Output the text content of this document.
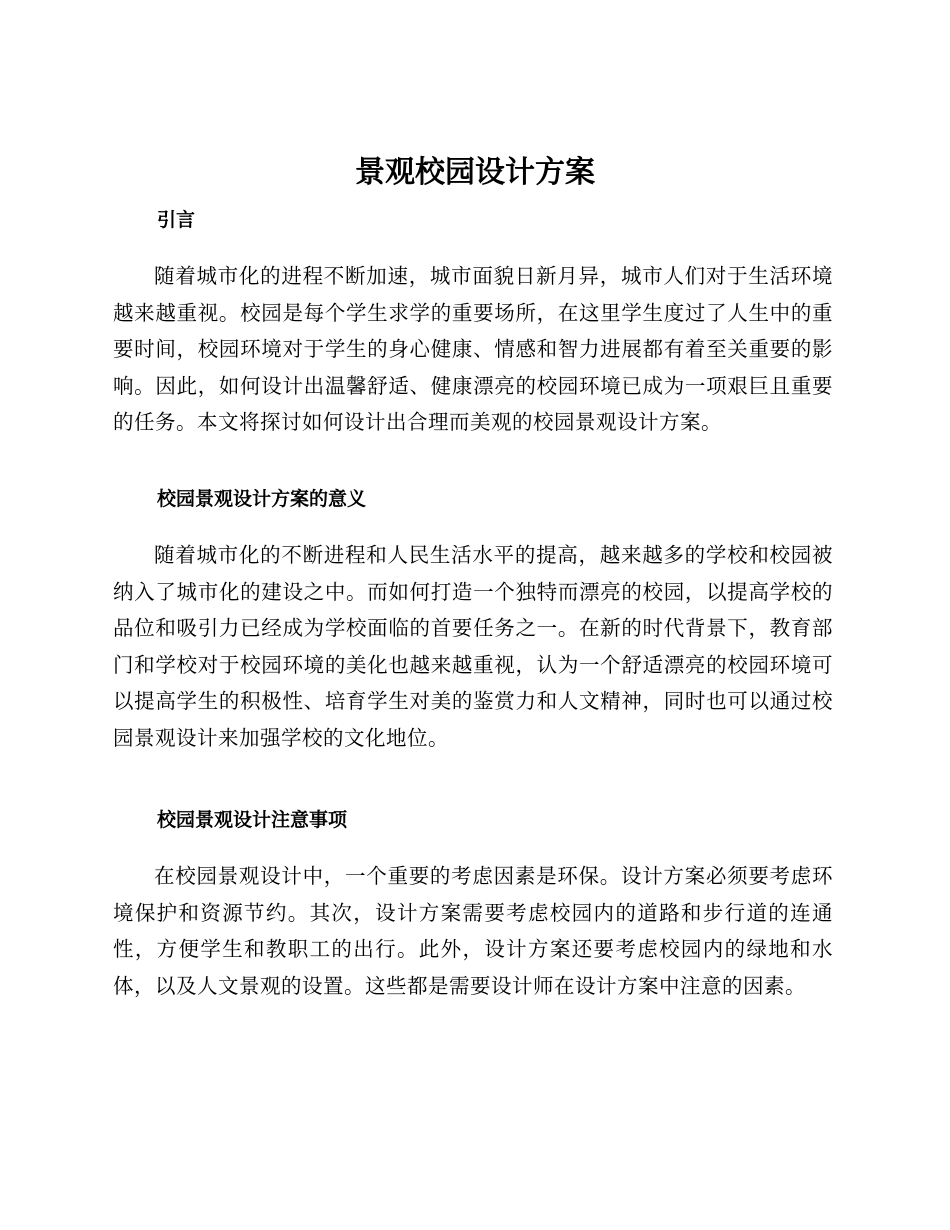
景观校园设计方案
引言

随着城市化的进程不断加速，城市面貌日新月异，城市人们对于生活环境越来越重视。校园是每个学生求学的重要场所，在这里学生度过了人生中的重要时间，校园环境对于学生的身心健康、情感和智力进展都有着至关重要的影响。因此，如何设计出温馨舒适、健康漂亮的校园环境已成为一项艰巨且重要的任务。本文将探讨如何设计出合理而美观的校园景观设计方案。

校园景观设计方案的意义

随着城市化的不断进程和人民生活水平的提高，越来越多的学校和校园被纳入了城市化的建设之中。而如何打造一个独特而漂亮的校园，以提高学校的品位和吸引力已经成为学校面临的首要任务之一。在新的时代背景下，教育部门和学校对于校园环境的美化也越来越重视，认为一个舒适漂亮的校园环境可以提高学生的积极性、培育学生对美的鉴赏力和人文精神，同时也可以通过校园景观设计来加强学校的文化地位。

校园景观设计注意事项

在校园景观设计中，一个重要的考虑因素是环保。设计方案必须要考虑环境保护和资源节约。其次，设计方案需要考虑校园内的道路和步行道的连通性，方便学生和教职工的出行。此外，设计方案还要考虑校园内的绿地和水体，以及人文景观的设置。这些都是需要设计师在设计方案中注意的因素。
